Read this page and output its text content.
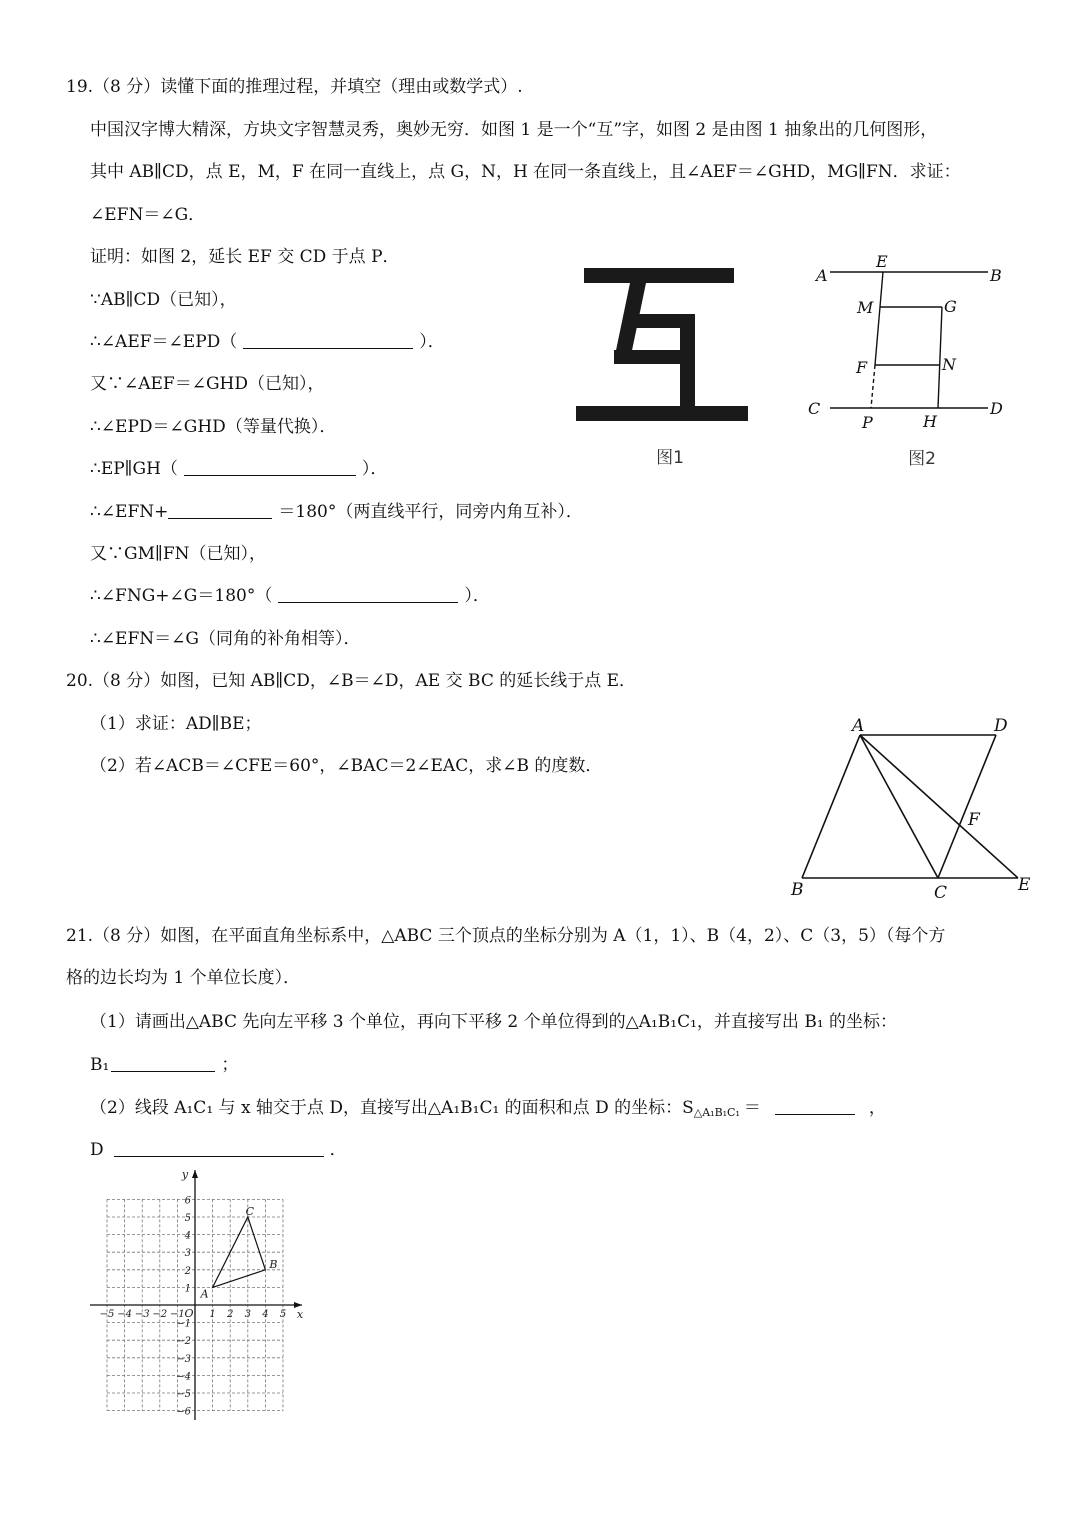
19.（8 分）读懂下面的推理过程，并填空（理由或数学式）.
中国汉字博大精深，方块文字智慧灵秀，奥妙无穷．如图 1 是一个“互”字，如图 2 是由图 1 抽象出的几何图形，
其中 AB∥CD，点 E，M，F 在同一直线上，点 G，N，H 在同一条直线上，且∠AEF＝∠GHD，MG∥FN．求证：
∠EFN＝∠G．
证明：如图 2，延长 EF 交 CD 于点 P．
∵AB∥CD（已知），
∴∠AEF＝∠EPD（	）．
又∵∠AEF＝∠GHD（已知），
∴∠EPD＝∠GHD（等量代换）．
∴EP∥GH（	）．
∴∠EFN+	＝180°（两直线平行，同旁内角互补）．
又∵GM∥FN（已知），
∴∠FNG+∠G＝180°（	）．
∴∠EFN＝∠G（同角的补角相等）．
图1
A	B
E
M	G
F	N
C	D
P	H
图2
20.（8 分）如图，已知 AB∥CD，∠B＝∠D，AE 交 BC 的延长线于点 E．
（1）求证：AD∥BE；
（2）若∠ACB＝∠CFE＝60°，∠BAC＝2∠EAC，求∠B 的度数．
A	D
F
B	C	E
21.（8 分）如图，在平面直角坐标系中，△ABC 三个顶点的坐标分别为 A（1，1）、B（4，2）、C（3，5）（每个方
格的边长均为 1 个单位长度）．
（1）请画出△ABC 先向左平移 3 个单位，再向下平移 2 个单位得到的△A₁B₁C₁，并直接写出 B₁ 的坐标：
B₁	；
（2）线段 A₁C₁ 与 x 轴交于点 D，直接写出△A₁B₁C₁ 的面积和点 D 的坐标：$S_{\triangle A_1B_1C_1}$ ＝	，
D	．
x
y
O
−5 −4 −3 −2 −1 1 2 3 4 5
6
5
4
3
2
1
−1
−2
−3
−4
−5
−6
A
B
C
